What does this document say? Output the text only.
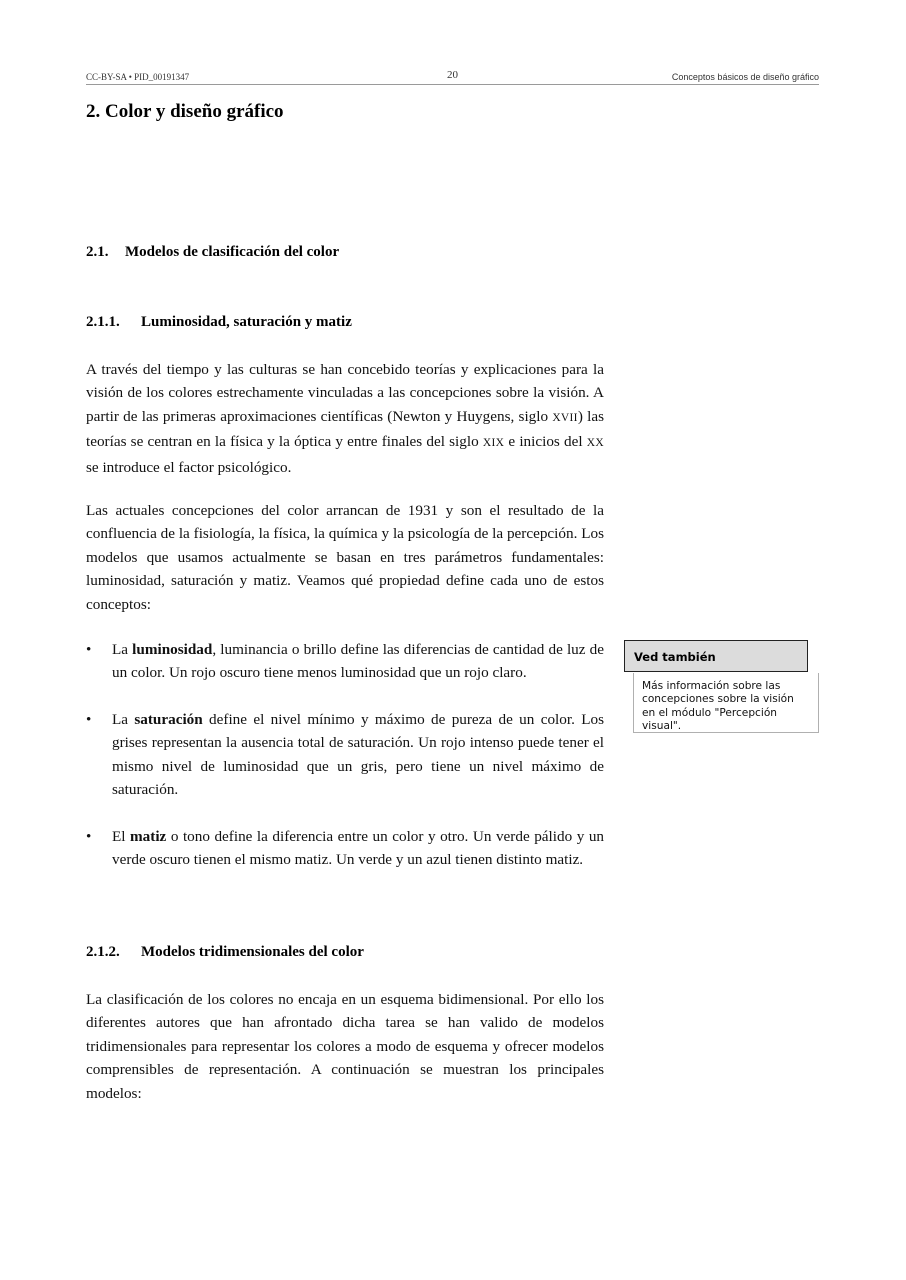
CC-BY-SA • PID_00191347	20	Conceptos básicos de diseño gráfico
2. Color y diseño gráfico
2.1. Modelos de clasificación del color
2.1.1. Luminosidad, saturación y matiz

A través del tiempo y las culturas se han concebido teorías y explicaciones para la visión de los colores estrechamente vinculadas a las concepciones sobre la visión. A partir de las primeras aproximaciones científicas (Newton y Huygens, siglo XVII) las teorías se centran en la física y la óptica y entre finales del siglo XIX e inicios del XX se introduce el factor psicológico.

Las actuales concepciones del color arrancan de 1931 y son el resultado de la confluencia de la fisiología, la física, la química y la psicología de la percepción. Los modelos que usamos actualmente se basan en tres parámetros fundamentales: luminosidad, saturación y matiz. Veamos qué propiedad define cada uno de estos conceptos:

• La luminosidad, luminancia o brillo define las diferencias de cantidad de luz de un color. Un rojo oscuro tiene menos luminosidad que un rojo claro.
• La saturación define el nivel mínimo y máximo de pureza de un color. Los grises representan la ausencia total de saturación. Un rojo intenso puede tener el mismo nivel de luminosidad que un gris, pero tiene un nivel máximo de saturación.
• El matiz o tono define la diferencia entre un color y otro. Un verde pálido y un verde oscuro tienen el mismo matiz. Un verde y un azul tienen distinto matiz.
2.1.2. Modelos tridimensionales del color

La clasificación de los colores no encaja en un esquema bidimensional. Por ello los diferentes autores que han afrontado dicha tarea se han valido de modelos tridimensionales para representar los colores a modo de esquema y ofrecer modelos comprensibles de representación. A continuación se muestran los principales modelos:

Ved también
Más información sobre las concepciones sobre la visión en el módulo "Percepción visual".
